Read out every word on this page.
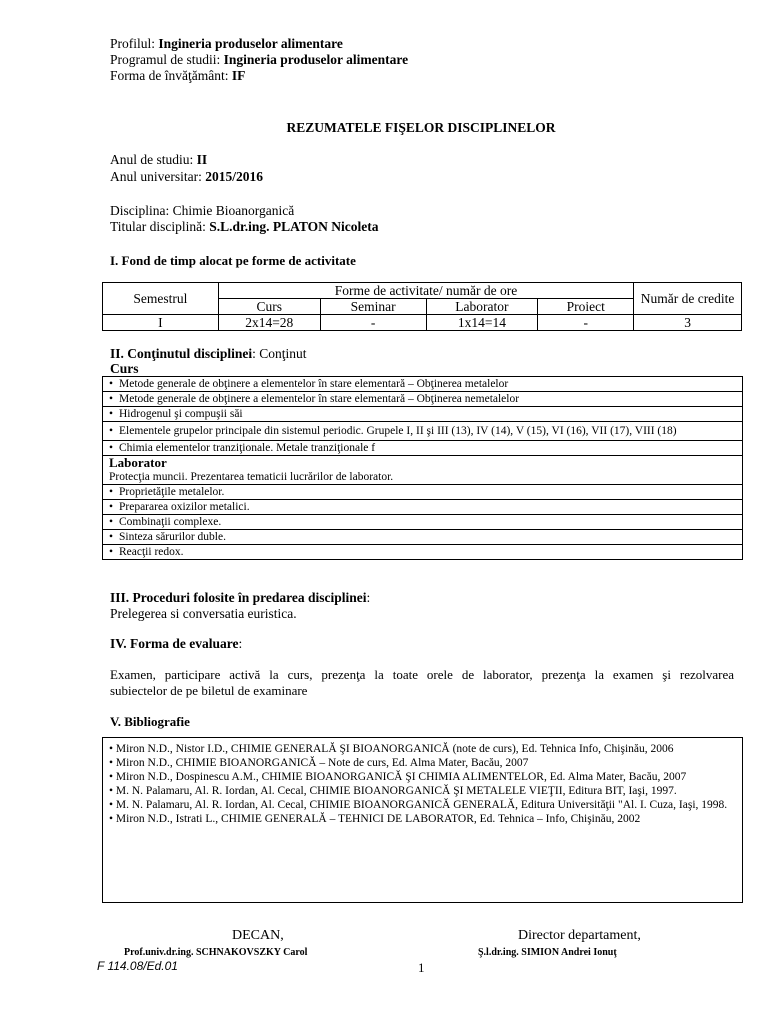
Profilul: Ingineria produselor alimentare
Programul de studii: Ingineria produselor alimentare
Forma de învăţământ: IF
REZUMATELE FIŞELOR DISCIPLINELOR
Anul de studiu: II
Anul universitar: 2015/2016
Disciplina: Chimie Bioanorganică
Titular disciplină: S.L.dr.ing. PLATON Nicoleta
I. Fond de timp alocat pe forme de activitate
Semestrul	Forme de activitate/ număr de ore				Număr de credite
	Curs	Seminar	Laborator	Proiect	
I	2x14=28	-	1x14=14	-	3
II. Conţinutul disciplinei: Conţinut
Curs
• Metode generale de obţinere a elementelor în stare elementară – Obţinerea metalelor
• Metode generale de obţinere a elementelor în stare elementară – Obţinerea nemetalelor
• Hidrogenul şi compuşii săi
• Elementele grupelor principale din sistemul periodic. Grupele I, II şi III (13), IV (14), V (15), VI (16), VII (17), VIII (18)
• Chimia elementelor tranziţionale. Metale tranziţionale f
Laborator
Protecţia muncii. Prezentarea tematicii lucrărilor de laborator.
• Proprietăţile metalelor.
• Prepararea oxizilor metalici.
• Combinaţii complexe.
• Sinteza sărurilor duble.
• Reacţii redox.
III. Proceduri folosite în predarea disciplinei:
Prelegerea si conversatia euristica.
IV. Forma de evaluare:
Examen, participare activă la curs, prezenţa la toate orele de laborator, prezenţa la examen şi rezolvarea
subiectelor de pe biletul de examinare
V. Bibliografie
• Miron N.D., Nistor I.D., CHIMIE GENERALĂ ŞI BIOANORGANICĂ (note de curs), Ed. Tehnica Info, Chişinău, 2006
• Miron N.D., CHIMIE BIOANORGANICĂ – Note de curs, Ed. Alma Mater, Bacău, 2007
• Miron N.D., Dospinescu A.M., CHIMIE BIOANORGANICĂ ŞI CHIMIA ALIMENTELOR, Ed. Alma Mater, Bacău, 2007
• M. N. Palamaru, Al. R. Iordan, Al. Cecal, CHIMIE BIOANORGANICĂ ŞI METALELE VIEŢII, Editura BIT, Iaşi, 1997.
• M. N. Palamaru, Al. R. Iordan, Al. Cecal, CHIMIE BIOANORGANICĂ GENERALĂ, Editura Universităţii "Al. I. Cuza, Iaşi, 1998.
• Miron N.D., Istrati L., CHIMIE GENERALĂ – TEHNICI DE LABORATOR, Ed. Tehnica – Info, Chişinău, 2002
DECAN,
Prof.univ.dr.ing. SCHNAKOVSZKY Carol
Director departament,
Ş.l.dr.ing. SIMION Andrei Ionuţ
F 114.08/Ed.01	1
